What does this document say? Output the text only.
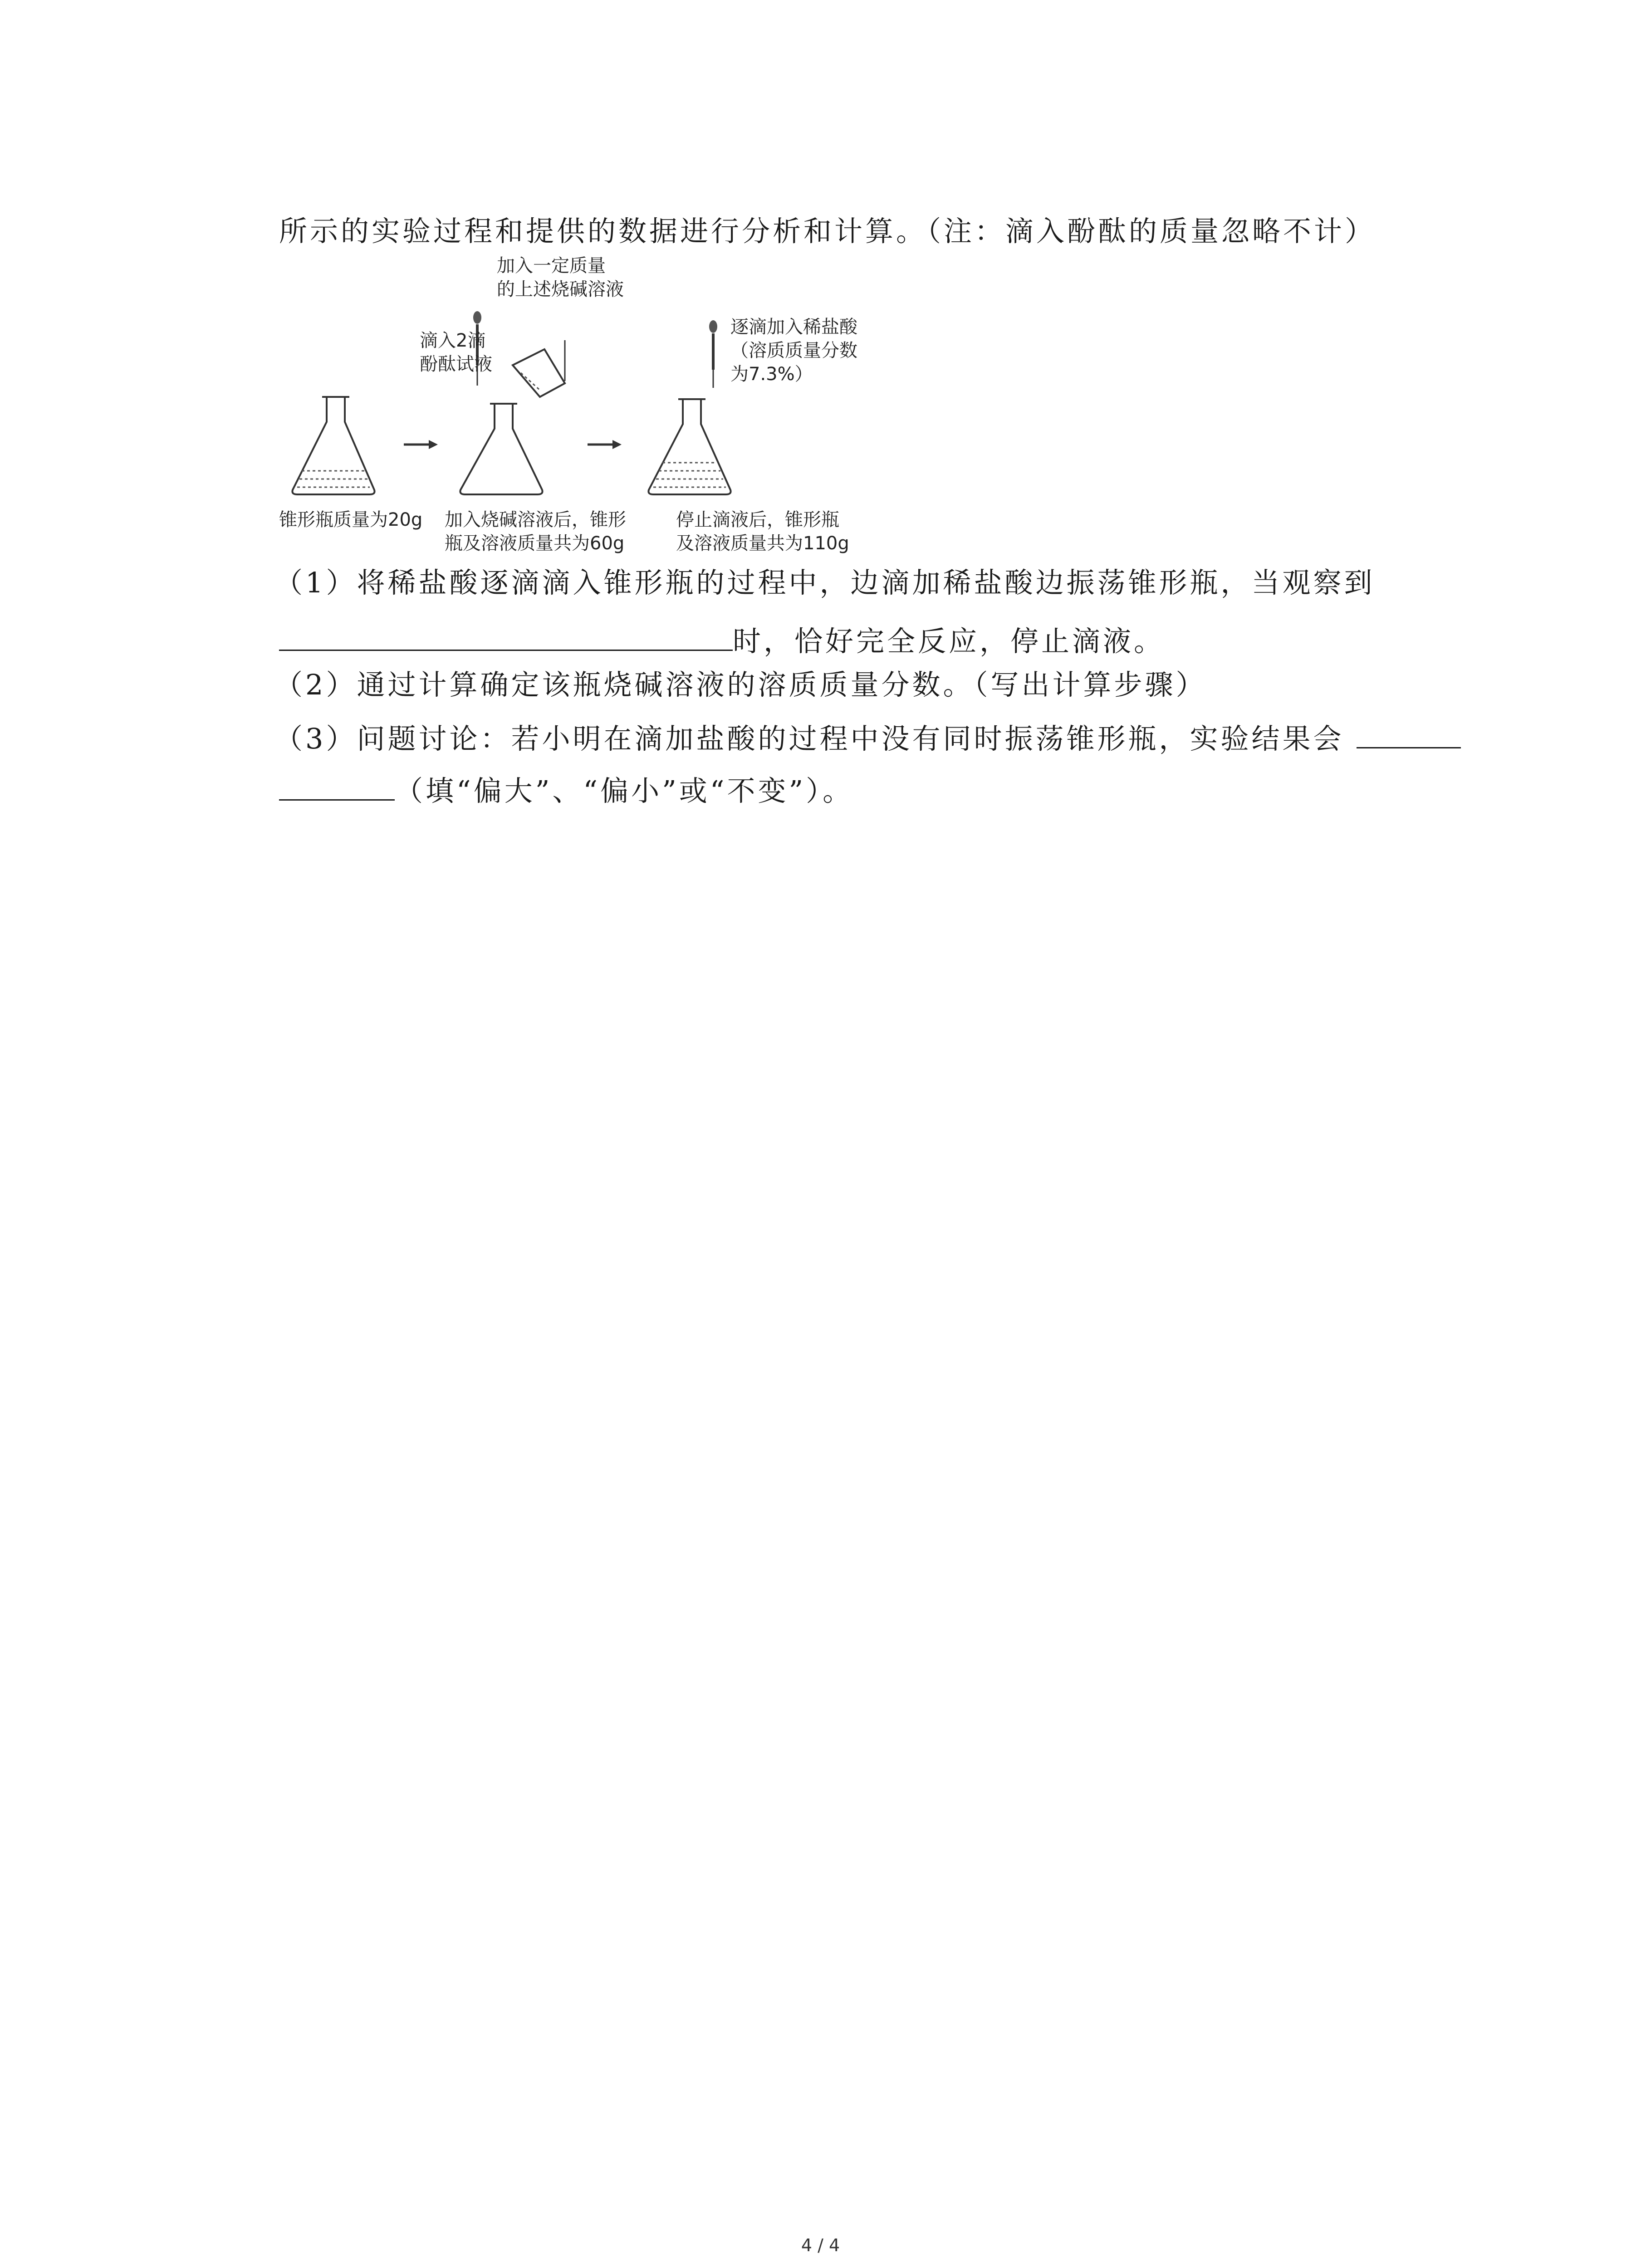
所示的实验过程和提供的数据进行分析和计算。（注：滴入酚酞的质量忽略不计）
加入一定质量
的上述烧碱溶液
滴入2滴
酚酞试液
逐滴加入稀盐酸
（溶质质量分数
为7.3%）
锥形瓶质量为20g 加入烧碱溶液后，锥形
瓶及溶液质量共为60g
停止滴液后，锥形瓶
及溶液质量共为110g
（1）将稀盐酸逐滴滴入锥形瓶的过程中，边滴加稀盐酸边振荡锥形瓶，当观察到
时，恰好完全反应，停止滴液。
（2）通过计算确定该瓶烧碱溶液的溶质质量分数。（写出计算步骤）
（3）问题讨论：若小明在滴加盐酸的过程中没有同时振荡锥形瓶，实验结果会
（填“偏大”、“偏小”或“不变”）。
4 / 4
